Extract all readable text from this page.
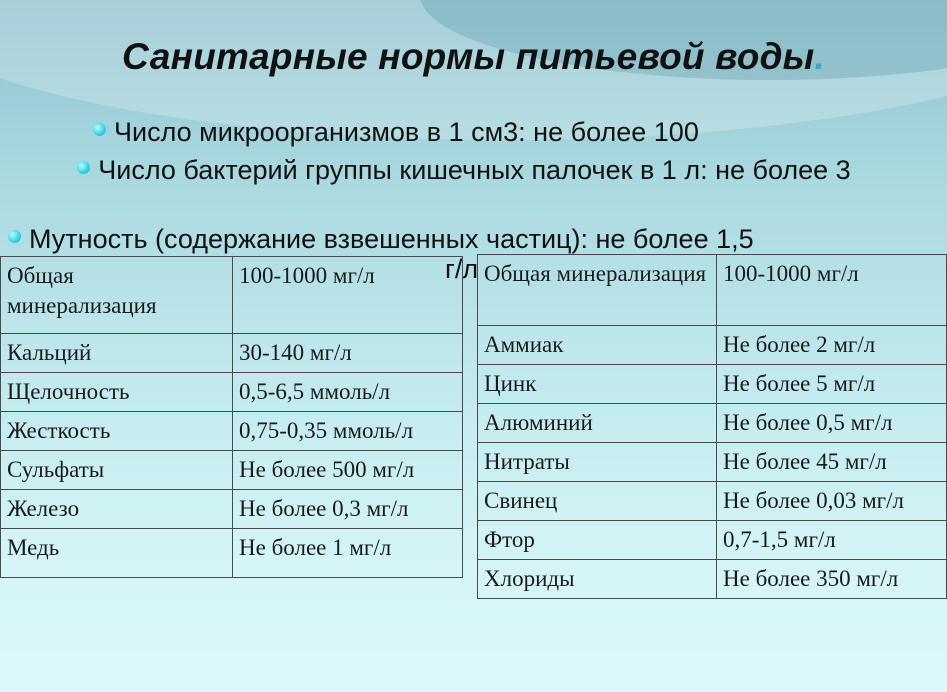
Санитарные нормы питьевой воды.
Число микроорганизмов в 1 см3: не более 100
Число бактерий группы кишечных палочек в 1 л: не более 3
Мутность (содержание взвешенных частиц): не более 1,5
г/л
Общая минерализация	100-1000 мг/л
Кальций	30-140 мг/л
Щелочность	0,5-6,5 ммоль/л
Жесткость	0,75-0,35 ммоль/л
Сульфаты	Не более 500 мг/л
Железо	Не более 0,3 мг/л
Медь	Не более 1 мг/л
Общая минерализация	100-1000 мг/л
Аммиак	Не более 2 мг/л
Цинк	Не более 5 мг/л
Алюминий	Не более 0,5 мг/л
Нитраты	Не более 45 мг/л
Свинец	Не более 0,03 мг/л
Фтор	0,7-1,5 мг/л
Хлориды	Не более 350 мг/л
